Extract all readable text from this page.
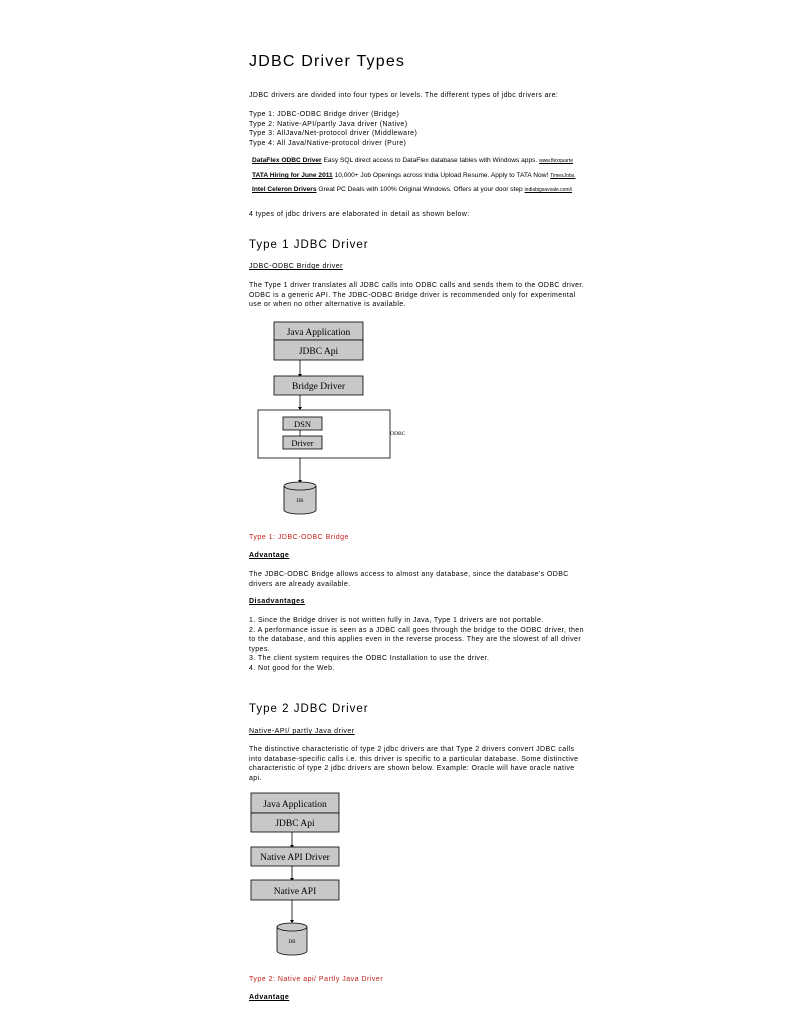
JDBC Driver Types
JDBC drivers are divided into four types or levels. The different types of jdbc drivers are:
Type 1: JDBC-ODBC Bridge driver (Bridge)
Type 2: Native-API/partly Java driver (Native)
Type 3: AllJava/Net-protocol driver (Middleware)
Type 4: All Java/Native-protocol driver (Pure)
DataFlex ODBC Driver Easy SQL direct access to DataFlex database tables with Windows apps. www.flexquarte
TATA Hiring for June 2011 10,000+ Job Openings across India Upload Resume. Apply to TATA Now! TimesJobs.
Intel Celeron Drivers Great PC Deals with 100% Original Windows. Offers at your door step indiabigsavsale.com/i
4 types of jdbc drivers are elaborated in detail as shown below:
Type 1 JDBC Driver
JDBC-ODBC Bridge driver
The Type 1 driver translates all JDBC calls into ODBC calls and sends them to the ODBC driver.
ODBC is a generic API. The JDBC-ODBC Bridge driver is recommended only for experimental
use or when no other alternative is available.
Java Application
JDBC Api
Bridge Driver
DSN
Driver
ODBC
DB
Type 1: JDBC-ODBC Bridge
Advantage
The JDBC-ODBC Bridge allows access to almost any database, since the database's ODBC
drivers are already available.
Disadvantages
1. Since the Bridge driver is not written fully in Java, Type 1 drivers are not portable.
2. A performance issue is seen as a JDBC call goes through the bridge to the ODBC driver, then
to the database, and this applies even in the reverse process. They are the slowest of all driver
types.
3. The client system requires the ODBC Installation to use the driver.
4. Not good for the Web.
Type 2 JDBC Driver
Native-API/ partly Java driver
The distinctive characteristic of type 2 jdbc drivers are that Type 2 drivers convert JDBC calls
into database-specific calls i.e. this driver is specific to a particular database. Some distinctive
characteristic of type 2 jdbc drivers are shown below. Example: Oracle will have oracle native
api.
Java Application
JDBC Api
Native API Driver
Native API
DB
Type 2: Native api/ Partly Java Driver
Advantage
